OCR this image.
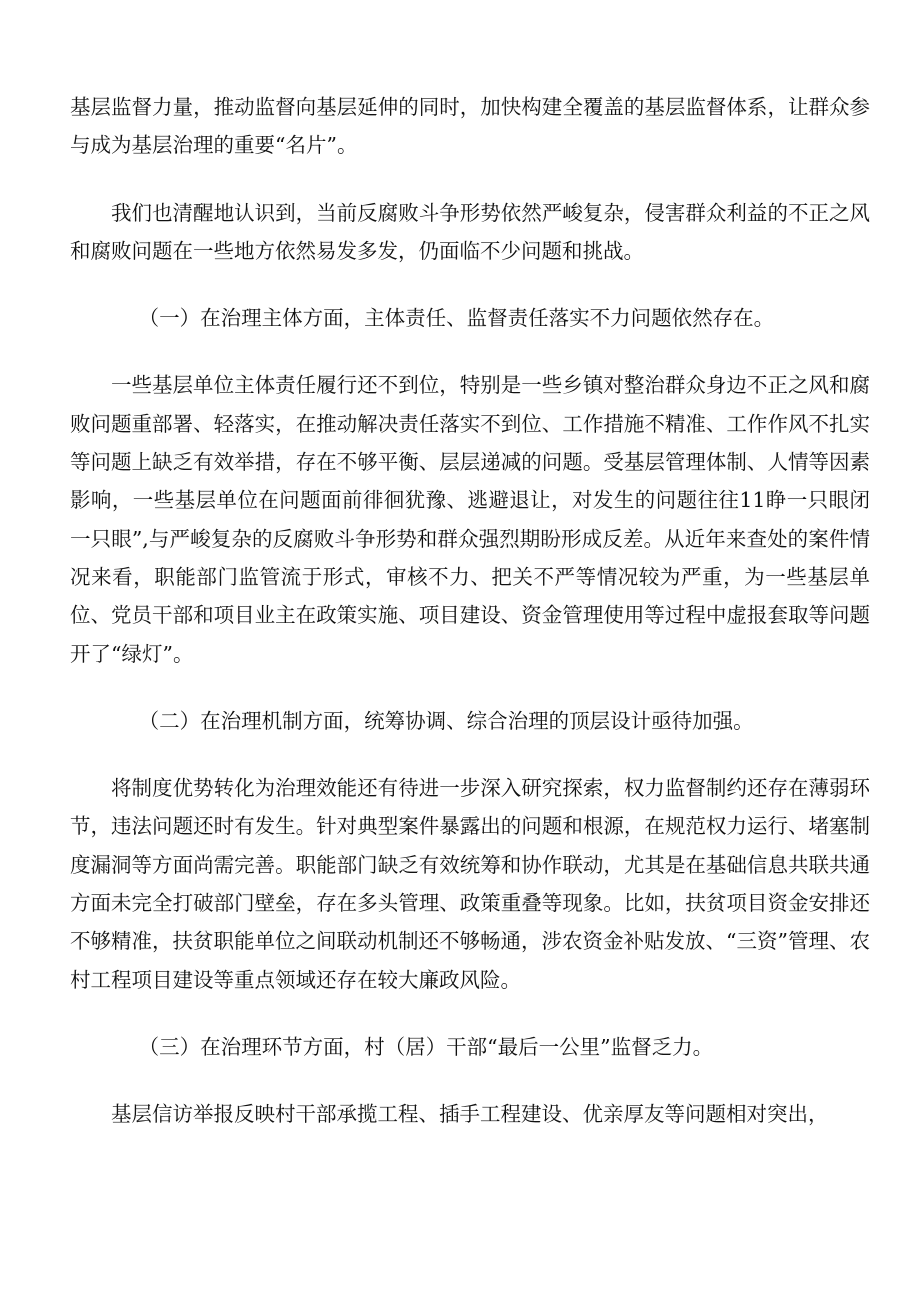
基层监督力量，推动监督向基层延伸的同时，加快构建全覆盖的基层监督体系，让群众参与成为基层治理的重要“名片”。

我们也清醒地认识到，当前反腐败斗争形势依然严峻复杂，侵害群众利益的不正之风和腐败问题在一些地方依然易发多发，仍面临不少问题和挑战。

（一）在治理主体方面，主体责任、监督责任落实不力问题依然存在。

一些基层单位主体责任履行还不到位，特别是一些乡镇对整治群众身边不正之风和腐败问题重部署、轻落实，在推动解决责任落实不到位、工作措施不精准、工作作风不扎实等问题上缺乏有效举措，存在不够平衡、层层递减的问题。受基层管理体制、人情等因素影响，一些基层单位在问题面前徘徊犹豫、逃避退让，对发生的问题往往11睁一只眼闭一只眼”,与严峻复杂的反腐败斗争形势和群众强烈期盼形成反差。从近年来查处的案件情况来看，职能部门监管流于形式，审核不力、把关不严等情况较为严重，为一些基层单位、党员干部和项目业主在政策实施、项目建设、资金管理使用等过程中虚报套取等问题开了“绿灯”。

（二）在治理机制方面，统筹协调、综合治理的顶层设计亟待加强。

将制度优势转化为治理效能还有待进一步深入研究探索，权力监督制约还存在薄弱环节，违法问题还时有发生。针对典型案件暴露出的问题和根源，在规范权力运行、堵塞制度漏洞等方面尚需完善。职能部门缺乏有效统筹和协作联动，尤其是在基础信息共联共通方面未完全打破部门壁垒，存在多头管理、政策重叠等现象。比如，扶贫项目资金安排还不够精准，扶贫职能单位之间联动机制还不够畅通，涉农资金补贴发放、“三资”管理、农村工程项目建设等重点领域还存在较大廉政风险。

（三）在治理环节方面，村（居）干部“最后一公里”监督乏力。

基层信访举报反映村干部承揽工程、插手工程建设、优亲厚友等问题相对突出，
